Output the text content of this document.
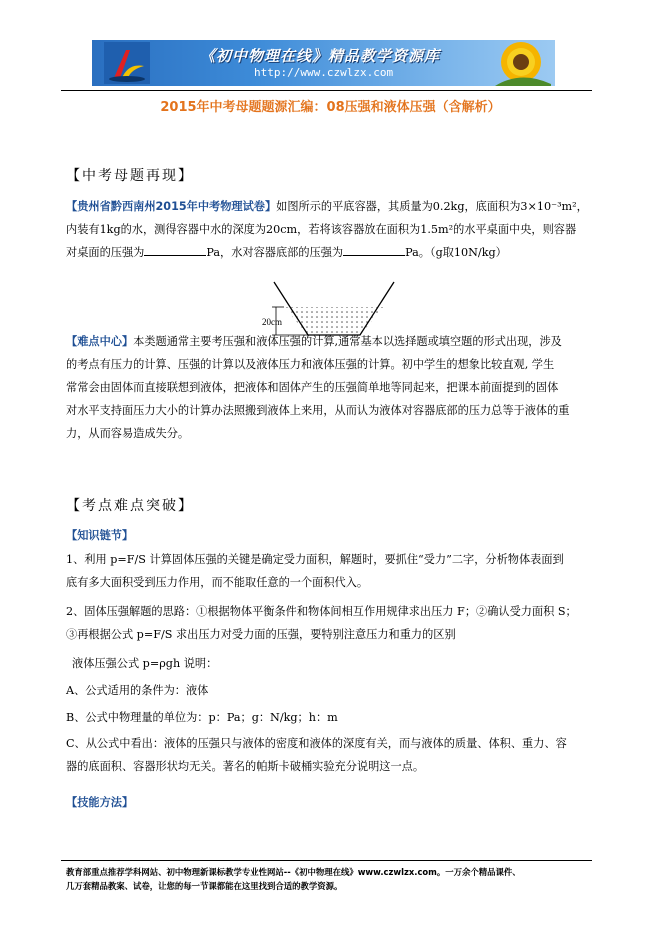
《初中物理在线》精品教学资源库
http://www.czwlzx.com
2015年中考母题题源汇编：08压强和液体压强（含解析）
【中考母题再现】
【贵州省黔西南州2015年中考物理试卷】如图所示的平底容器，其质量为0.2kg，底面积为3×10⁻³m²，
内装有1kg的水，测得容器中水的深度为20cm，若将该容器放在面积为1.5m²的水平桌面中央，则容器
对桌面的压强为	Pa，水对容器底部的压强为	Pa。（g取10N/kg）
20cm
【难点中心】本类题通常主要考压强和液体压强的计算,通常基本以选择题或填空题的形式出现，涉及
的考点有压力的计算、压强的计算以及液体压力和液体压强的计算。初中学生的想象比较直观, 学生
常常会由固体而直接联想到液体，把液体和固体产生的压强简单地等同起来，把课本前面提到的固体
对水平支持面压力大小的计算办法照搬到液体上来用，从而认为液体对容器底部的压力总等于液体的重
力，从而容易造成失分。
【考点难点突破】
【知识链节】
1、利用 p=F/S 计算固体压强的关键是确定受力面积，解题时，要抓住“受力”二字，分析物体表面到
底有多大面积受到压力作用，而不能取任意的一个面积代入。
2、固体压强解题的思路：①根据物体平衡条件和物体间相互作用规律求出压力 F；②确认受力面积 S；
③再根据公式 p=F/S 求出压力对受力面的压强，要特别注意压力和重力的区别
液体压强公式 p=ρgh 说明：
A、公式适用的条件为：液体
B、公式中物理量的单位为：p：Pa；g：N/kg；h：m
C、从公式中看出：液体的压强只与液体的密度和液体的深度有关，而与液体的质量、体积、重力、容
器的底面积、容器形状均无关。著名的帕斯卡破桶实验充分说明这一点。
【技能方法】
教育部重点推荐学科网站、初中物理新课标教学专业性网站--《初中物理在线》www.czwlzx.com。一万余个精品课件、
几万套精品教案、试卷，让您的每一节课都能在这里找到合适的教学资源。
